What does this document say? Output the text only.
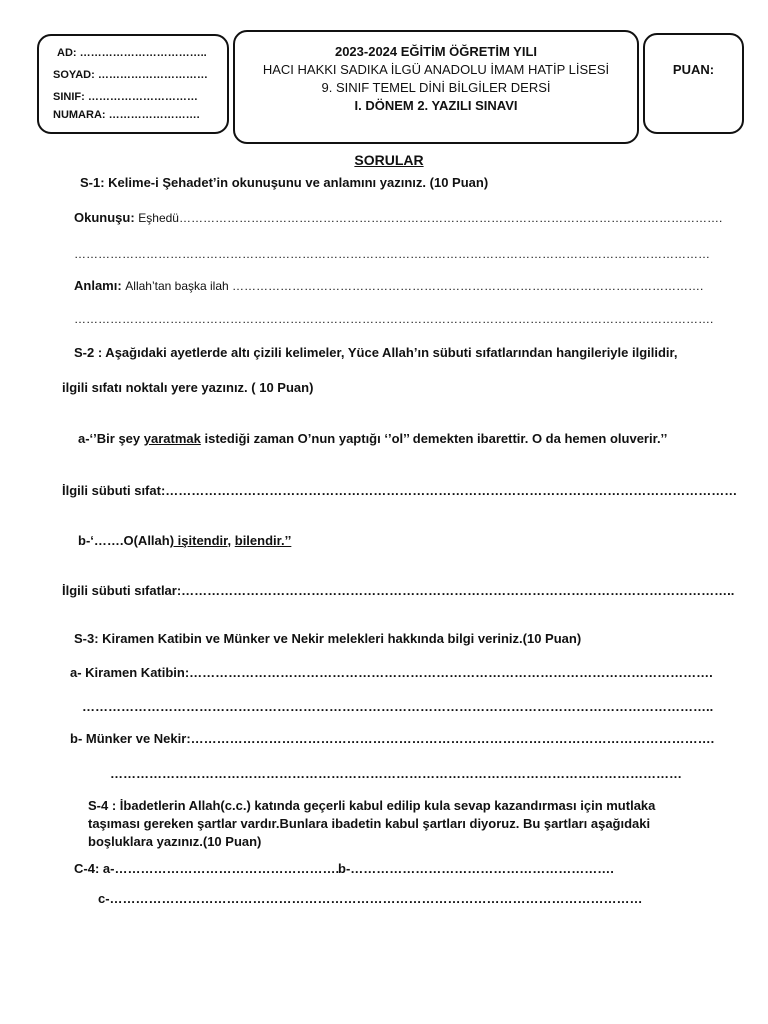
AD: ……………………………..
SOYAD: …………………………
SINIF: …………………………
NUMARA: …………………….
2023-2024 EĞİTİM ÖĞRETİM YILI
HACI HAKKI SADIKA İLGÜ ANADOLU İMAM HATİP LİSESİ
9. SINIF TEMEL DİNİ BİLGİLER DERSİ
I. DÖNEM 2. YAZILI SINAVI
PUAN:
SORULAR
S-1: Kelime-i Şehadet’in okunuşunu ve anlamını yazınız. (10 Puan)
Okunuşu: Eşhedü……………………………………………………………………………………………………………………….
……………………………………………………………………………………………………………………………………………
Anlamı: Allah’tan başka ilah ……………………………………………………………………………………………………….
…………………………………………………………………………………………………………………………………………….
S-2 : Aşağıdaki ayetlerde altı çizili kelimeler, Yüce Allah’ın sübuti sıfatlarından hangileriyle ilgilidir,
ilgili sıfatı noktalı yere yazınız. ( 10 Puan)
a-‘’Bir şey yaratmak istediği zaman O’nun yaptığı ‘’ol’’ demekten ibarettir. O da hemen oluverir.’’
İlgili sübuti sıfat:……………………………………………………………………………………………………………………
b-‘…….O(Allah) işitendir, bilendir.’’
İlgili sübuti sıfatlar:………………………………………………………………………………………………………………..
S-3: Kiramen Katibin ve Münker ve Nekir melekleri hakkında bilgi veriniz.(10 Puan)
a- Kiramen Katibin:………………………………………………………………………………………………………….
………………………………………………………………………………………………………………………………..
b- Münker ve Nekir:………………………………………………………………………………………………………….
……………………………………………………………………………………………………………………
S-4 : İbadetlerin Allah(c.c.) katında geçerli kabul edilip kula sevap kazandırması için mutlaka
taşıması gereken şartlar vardır.Bunlara ibadetin kabul şartları diyoruz. Bu şartları aşağıdaki
boşluklara yazınız.(10 Puan)
C-4: a-…………………………………………….
b-…………………………………………………….
c-……………………………………………………………………………………………………………
